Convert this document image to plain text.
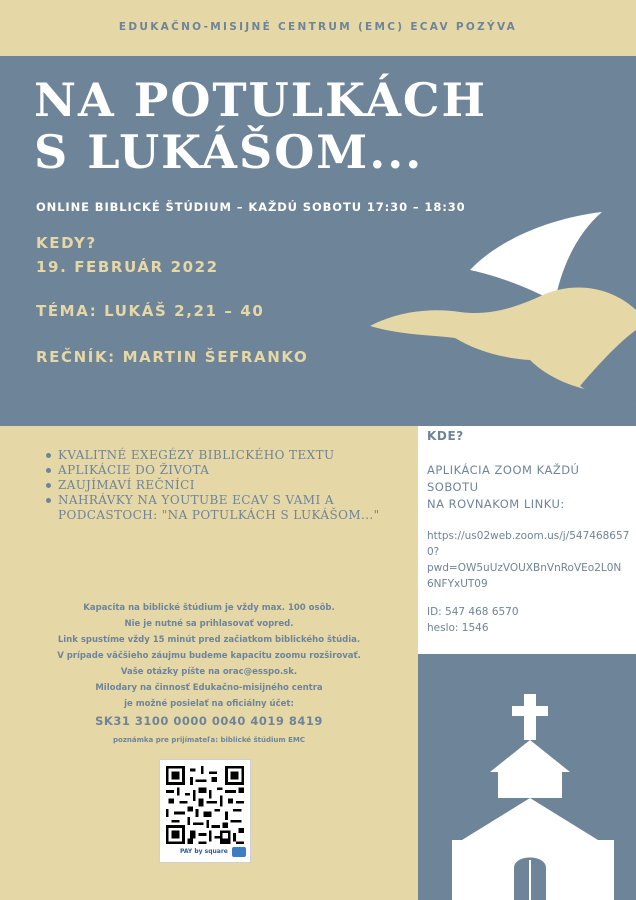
EDUKAČNO-MISIJNÉ CENTRUM (EMC) ECAV POZÝVA
NA POTULKÁCH
S LUKÁŠOM...
ONLINE BIBLICKÉ ŠTÚDIUM – KAŽDÚ SOBOTU 17:30 – 18:30
KEDY?
19. FEBRUÁR 2022
TÉMA: LUKÁŠ 2,21 – 40
REČNÍK: MARTIN ŠEFRANKO
KVALITNÉ EXEGÉZY BIBLICKÉHO TEXTU
APLIKÁCIE DO ŽIVOTA
ZAUJÍMAVÍ REČNÍCI
NAHRÁVKY NA YOUTUBE ECAV S VAMI A PODCASTOCH: "NA POTULKÁCH S LUKÁŠOM..."
KDE?
APLIKÁCIA ZOOM KAŽDÚ
SOBOTU
NA ROVNAKOM LINKU:
https://us02web.zoom.us/j/547468657
0?
pwd=OW5uUzVOUXBnVnRoVEo2L0N
6NFYxUT09
ID: 547 468 6570
heslo: 1546
Kapacita na biblické štúdium je vždy max. 100 osôb.
Nie je nutné sa prihlasovať vopred.
Link spustíme vždy 15 minút pred začiatkom biblického štúdia.
V prípade väčšieho záujmu budeme kapacitu zoomu rozširovať.
Vaše otázky píšte na orac@esspo.sk.
Milodary na činnosť Edukačno-misijného centra
je možné posielať na oficiálny účet:
SK31 3100 0000 0040 4019 8419
poznámka pre prijímateľa: biblické štúdium EMC
PAY by square
